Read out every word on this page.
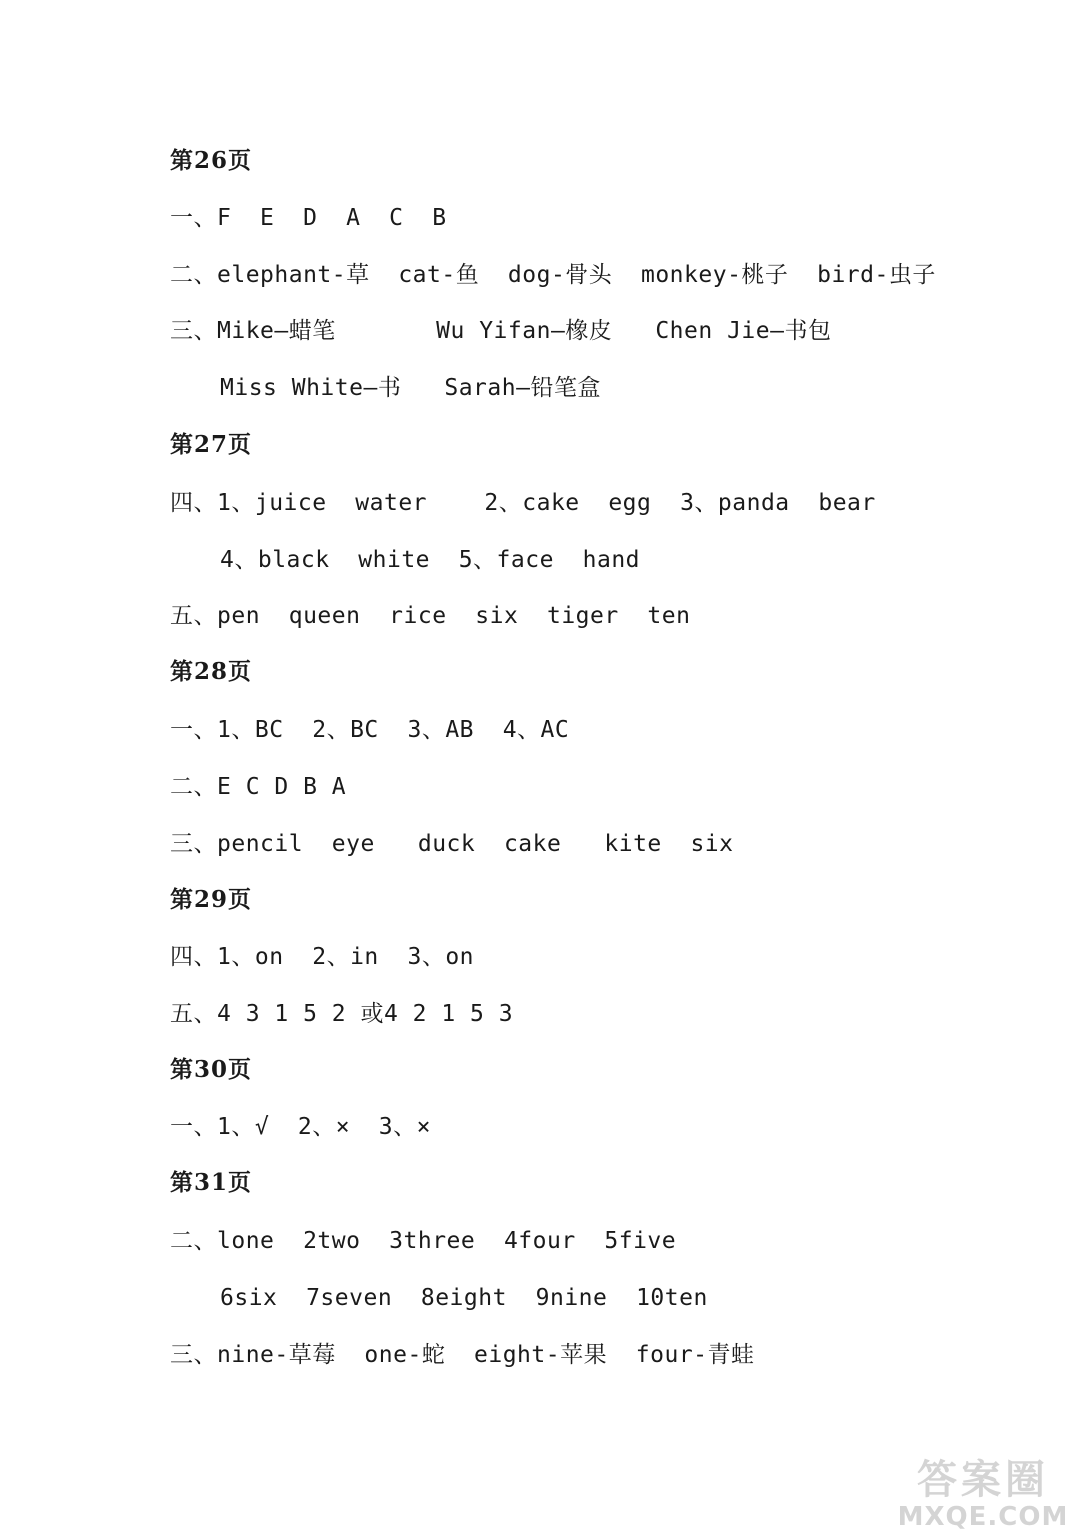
第26页
一、F  E  D  A  C  B
二、elephant-草  cat-鱼  dog-骨头  monkey-桃子  bird-虫子
三、Mike—蜡笔       Wu Yifan—橡皮   Chen Jie—书包
Miss White—书   Sarah—铅笔盒
第27页
四、1、juice  water    2、cake  egg  3、panda  bear
4、black  white  5、face  hand
五、pen  queen  rice  six  tiger  ten
第28页
一、1、BC  2、BC  3、AB  4、AC
二、E C D B A
三、pencil  eye   duck  cake   kite  six
第29页
四、1、on  2、in  3、on
五、4 3 1 5 2 或4 2 1 5 3
第30页
一、1、√  2、×  3、×
第31页
二、lone  2two  3three  4four  5five
6six  7seven  8eight  9nine  10ten
三、nine-草莓  one-蛇  eight-苹果  four-青蛙
答案圈
MXQE.COM
